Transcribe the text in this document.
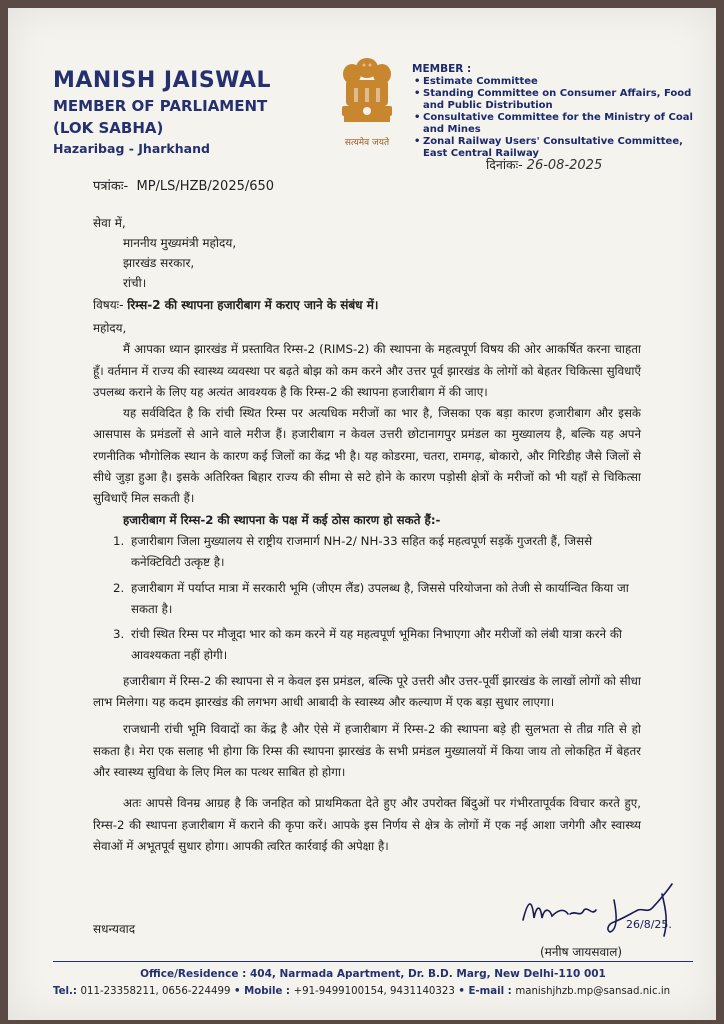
MANISH JAISWAL
MEMBER OF PARLIAMENT
(LOK SABHA)
Hazaribag - Jharkhand	सत्यमेव जयते
MEMBER :
• Estimate Committee
• Standing Committee on Consumer Affairs, Food and Public Distribution
• Consultative Committee for the Ministry of Coal and Mines
• Zonal Railway Users' Consultative Committee, East Central Railway
दिनांकः- 26-08-2025
पत्रांकः- MP/LS/HZB/2025/650
सेवा में,
माननीय मुख्यमंत्री महोदय,
झारखंड सरकार,
रांची।
विषयः- रिम्स-2 की स्थापना हजारीबाग में कराए जाने के संबंध में।

महोदय,

मैं आपका ध्यान झारखंड में प्रस्तावित रिम्स-2 (RIMS-2) की स्थापना के महत्वपूर्ण विषय की ओर आकर्षित करना चाहता हूँ। वर्तमान में राज्य की स्वास्थ्य व्यवस्था पर बढ़ते बोझ को कम करने और उत्तर पूर्व झारखंड के लोगों को बेहतर चिकित्सा सुविधाएँ उपलब्ध कराने के लिए यह अत्यंत आवश्यक है कि रिम्स-2 की स्थापना हजारीबाग में की जाए।

यह सर्वविदित है कि रांची स्थित रिम्स पर अत्यधिक मरीजों का भार है, जिसका एक बड़ा कारण हजारीबाग और इसके आसपास के प्रमंडलों से आने वाले मरीज हैं। हजारीबाग न केवल उत्तरी छोटानागपुर प्रमंडल का मुख्यालय है, बल्कि यह अपने रणनीतिक भौगोलिक स्थान के कारण कई जिलों का केंद्र भी है। यह कोडरमा, चतरा, रामगढ़, बोकारो, और गिरिडीह जैसे जिलों से सीधे जुड़ा हुआ है। इसके अतिरिक्त बिहार राज्य की सीमा से सटे होने के कारण पड़ोसी क्षेत्रों के मरीजों को भी यहाँ से चिकित्सा सुविधाएँ मिल सकती हैं।

हजारीबाग में रिम्स-2 की स्थापना के पक्ष में कई ठोस कारण हो सकते हैं:-

1. हजारीबाग जिला मुख्यालय से राष्ट्रीय राजमार्ग NH-2/ NH-33 सहित कई महत्वपूर्ण सड़कें गुजरती हैं, जिससे कनेक्टिविटी उत्कृष्ट है।
2. हजारीबाग में पर्याप्त मात्रा में सरकारी भूमि (जीएम लैंड) उपलब्ध है, जिससे परियोजना को तेजी से कार्यान्वित किया जा सकता है।
3. रांची स्थित रिम्स पर मौजूदा भार को कम करने में यह महत्वपूर्ण भूमिका निभाएगा और मरीजों को लंबी यात्रा करने की आवश्यकता नहीं होगी।

हजारीबाग में रिम्स-2 की स्थापना से न केवल इस प्रमंडल, बल्कि पूरे उत्तरी और उत्तर-पूर्वी झारखंड के लाखों लोगों को सीधा लाभ मिलेगा। यह कदम झारखंड की लगभग आधी आबादी के स्वास्थ्य और कल्याण में एक बड़ा सुधार लाएगा।

राजधानी रांची भूमि विवादों का केंद्र है और ऐसे में हजारीबाग में रिम्स-2 की स्थापना बड़े ही सुलभता से तीव्र गति से हो सकता है। मेरा एक सलाह भी होगा कि रिम्स की स्थापना झारखंड के सभी प्रमंडल मुख्यालयों में किया जाय तो लोकहित में बेहतर और स्वास्थ्य सुविधा के लिए मिल का पत्थर साबित हो होगा।

अतः आपसे विनम्र आग्रह है कि जनहित को प्राथमिकता देते हुए और उपरोक्त बिंदुओं पर गंभीरतापूर्वक विचार करते हुए, रिम्स-2 की स्थापना हजारीबाग में कराने की कृपा करें। आपके इस निर्णय से क्षेत्र के लोगों में एक नई आशा जगेगी और स्वास्थ्य सेवाओं में अभूतपूर्व सुधार होगा। आपकी त्वरित कार्रवाई की अपेक्षा है।

सधन्यवाद	26/8/25.
(मनीष जायसवाल)
Office/Residence : 404, Narmada Apartment, Dr. B.D. Marg, New Delhi-110 001
Tel.: 011-23358211, 0656-224499 • Mobile : +91-9499100154, 9431140323 • E-mail : manishjhzb.mp@sansad.nic.in
